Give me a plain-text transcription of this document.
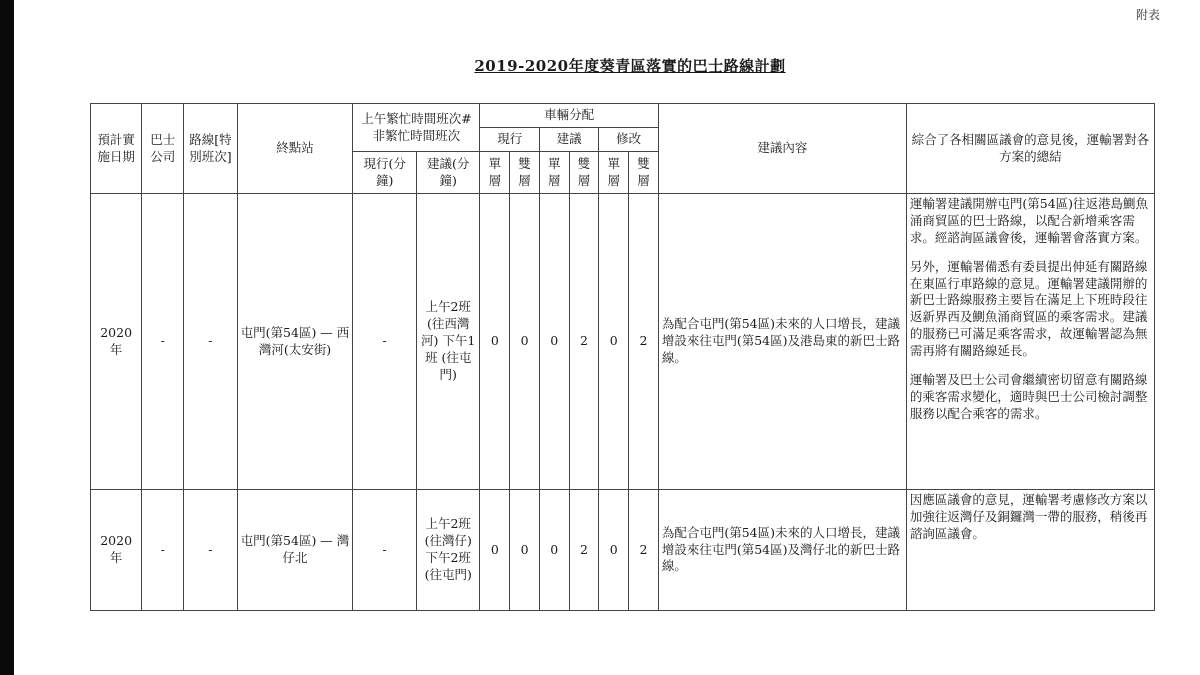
附表
2019-2020年度葵青區落實的巴士路線計劃
預計實施日期	巴士公司	路線[特別班次]	終點站	上午繁忙時間班次#非繁忙時間班次		車輛分配						建議內容	綜合了各相關區議會的意見後，運輸署對各方案的總結
						現行		建議		修改			
				現行(分鐘)	建議(分鐘)	單層	雙層	單層	雙層	單層	雙層		
2020年	-	-	屯門(第54區) — 西灣河(太安街)	-	上午2班 (往西灣河) 下午1班 (往屯門)	0	0	0	2	0	2	為配合屯門(第54區)未來的人口增長，建議增設來往屯門(第54區)及港島東的新巴士路線。	運輸署建議開辦屯門(第54區)往返港島鰂魚涌商貿區的巴士路線，以配合新增乘客需求。經諮詢區議會後，運輸署會落實方案。

另外，運輸署備悉有委員提出伸延有關路線在東區行車路線的意見。運輸署建議開辦的新巴士路線服務主要旨在滿足上下班時段往返新界西及鰂魚涌商貿區的乘客需求。建議的服務已可滿足乘客需求，故運輸署認為無需再將有關路線延長。

運輸署及巴士公司會繼續密切留意有關路線的乘客需求變化，適時與巴士公司檢討調整服務以配合乘客的需求。

2020年	-	-	屯門(第54區) — 灣仔北	-	上午2班 (往灣仔) 下午2班 (往屯門)	0	0	0	2	0	2	為配合屯門(第54區)未來的人口增長，建議增設來往屯門(第54區)及灣仔北的新巴士路線。	因應區議會的意見，運輸署考慮修改方案以加強往返灣仔及銅鑼灣一帶的服務，稍後再諮詢區議會。
